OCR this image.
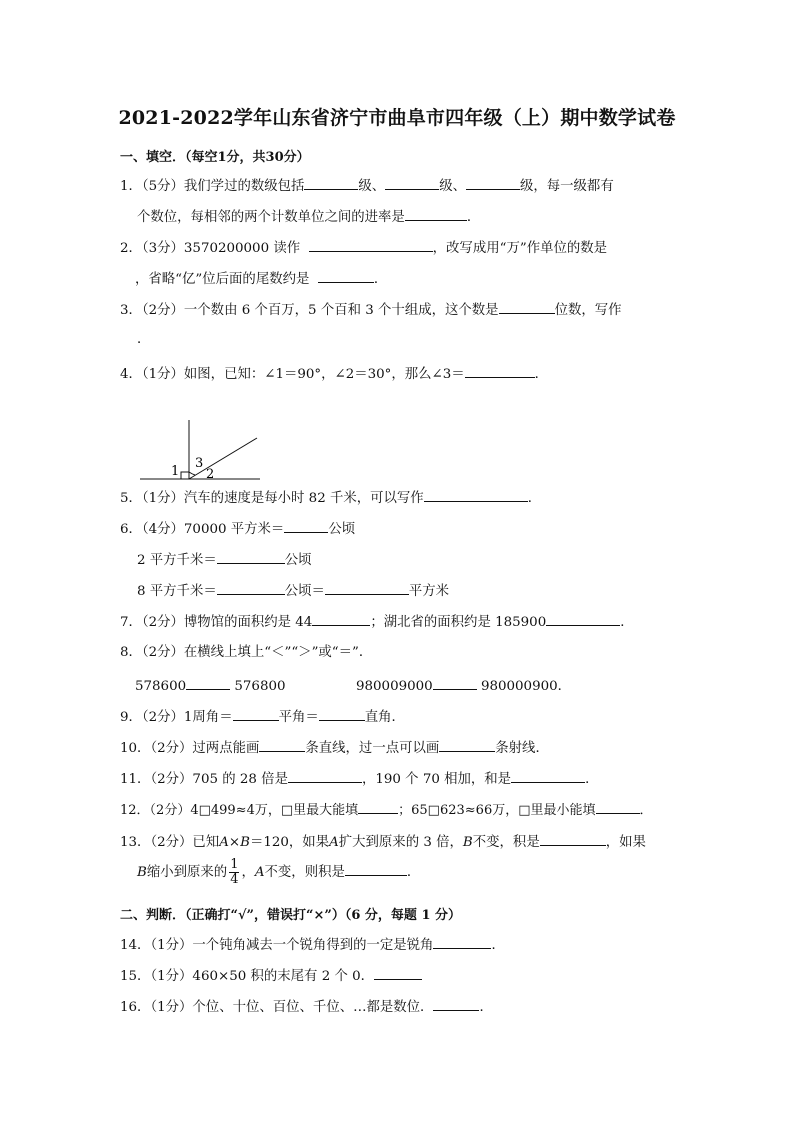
2021-2022学年山东省济宁市曲阜市四年级（上）期中数学试卷
一、填空．（每空1分，共30分）
1．（5分）我们学过的数级包括	级、	级、	级，每一级都有
个数位，每相邻的两个计数单位之间的进率是	．
2．（3分）3570200000 读作	，改写成用“万”作单位的数是
，省略“亿”位后面的尾数约是	．
3．（2分）一个数由 6 个百万，5 个百和 3 个十组成，这个数是	位数，写作
．
4．（1分）如图，已知：∠1＝90°，∠2＝30°，那么∠3＝	．
1
3
2
5．（1分）汽车的速度是每小时 82 千米，可以写作	．
6．（4分）70000 平方米＝	公顷
2 平方千米＝	公顷
8 平方千米＝	公顷＝	平方米
7．（2分）博物馆的面积约是 44	；湖北省的面积约是 185900	．
8．（2分）在横线上填上“＜”“＞”或“＝”．
578600	576800	980009000	980000900．
9．（2分）1周角＝	平角＝	直角．
10．（2分）过两点能画	条直线，过一点可以画	条射线．
11．（2分）705 的 28 倍是	，190 个 70 相加，和是	．
12．（2分）4□499≈4万，□里最大能填	；65□623≈66万，□里最小能填	．
13．（2分）已知A×B＝120，如果A扩大到原来的 3 倍，B不变，积是	，如果
B缩小到原来的 $\frac{1}{4}$ ，A不变，则积是	．
二、判断．（正确打“√”，错误打“×”）（6 分，每题 1 分）
14．（1分）一个钝角减去一个锐角得到的一定是锐角	．
15．（1分）460×50 积的末尾有 2 个 0．
16．（1分）个位、十位、百位、千位、…都是数位．	．
